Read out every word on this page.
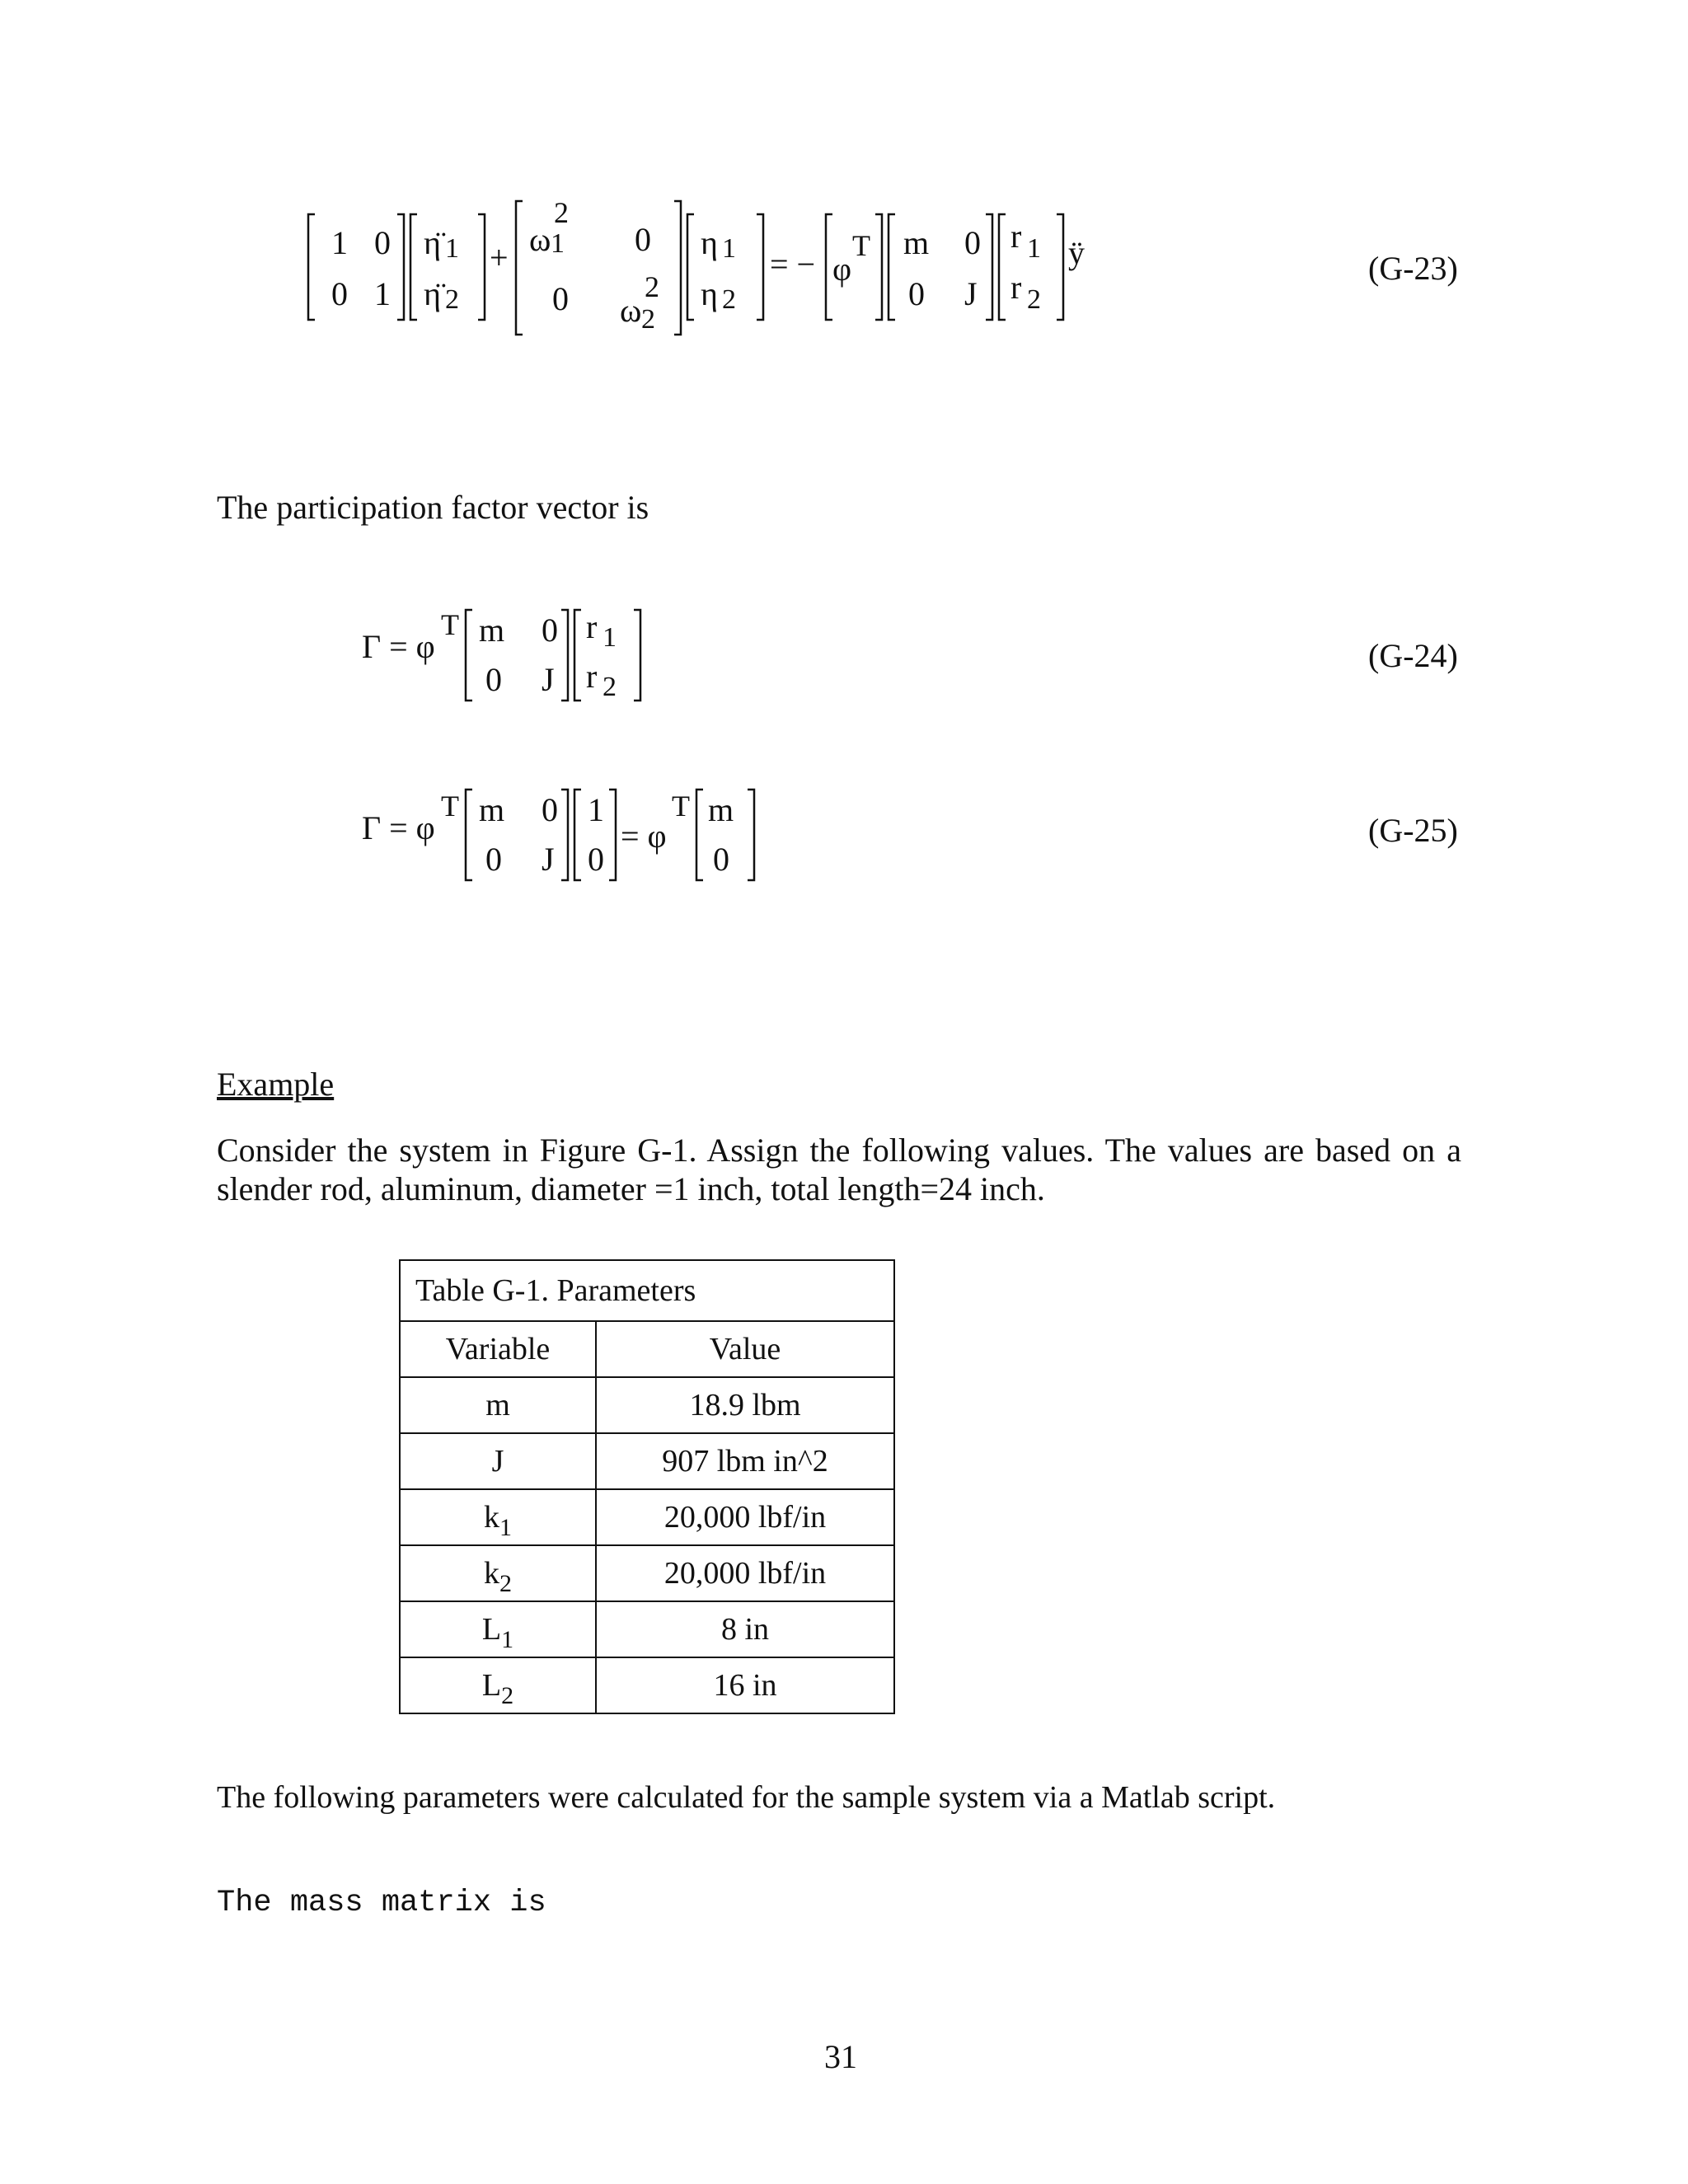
1 0
0 1
η̈ 1
η̈ 2
+ ω
2
1 0
0 ω
2
2
η 1
η 2
= − φ
T m 0
0 J
r 1
r 2
ÿ	(G-23)
The participation factor vector is
Γ = φ
T m 0
0 J
r 1
r 2
(G-24)
Γ = φ
T m 0
0 J
1
0
= φ
T m
0
(G-25)
Example
Consider the system in Figure G-1. Assign the following values. The values are based on a slender rod, aluminum, diameter =1 inch, total length=24 inch.
Table G-1. Parameters	
Variable	Value
m	18.9 lbm
J	907 lbm in^2
$k_1$	20,000 lbf/in
$k_2$	20,000 lbf/in
$L_1$	8 in
$L_2$	16 in
The following parameters were calculated for the sample system via a Matlab script.
The mass matrix is
31
